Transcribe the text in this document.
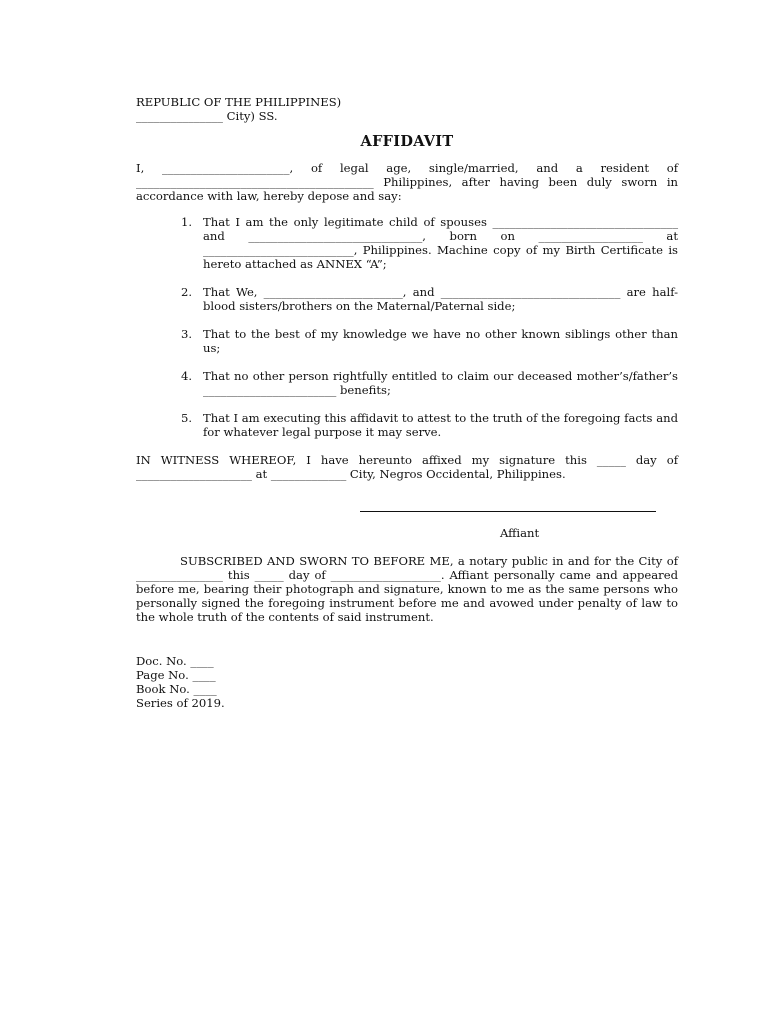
REPUBLIC OF THE PHILIPPINES)

_______________ City) SS.

AFFIDAVIT

I, ______________________, of legal age, single/married, and a resident of _________________________________________ Philippines, after having been duly sworn in accordance with law, hereby depose and say:

1. That I am the only legitimate child of spouses ________________________________ and ______________________________, born on __________________ at __________________________, Philippines. Machine copy of my Birth Certificate is hereto attached as ANNEX “A”;
2. That We, ________________________, and _______________________________ are half-blood sisters/brothers on the Maternal/Paternal side;
3. That to the best of my knowledge we have no other known siblings other than us;
4. That no other person rightfully entitled to claim our deceased mother’s/father’s _______________________ benefits;
5. That I am executing this affidavit to attest to the truth of the foregoing facts and for whatever legal purpose it may serve.

IN WITNESS WHEREOF, I have hereunto affixed my signature this _____ day of ____________________ at _____________ City, Negros Occidental, Philippines.

Affiant

SUBSCRIBED AND SWORN TO BEFORE ME, a notary public in and for the City of _______________ this _____ day of ___________________. Affiant personally came and appeared before me, bearing their photograph and signature, known to me as the same persons who personally signed the foregoing instrument before me and avowed under penalty of law to the whole truth of the contents of said instrument.

Doc. No. ____
Page No. ____
Book No. ____
Series of 2019.
